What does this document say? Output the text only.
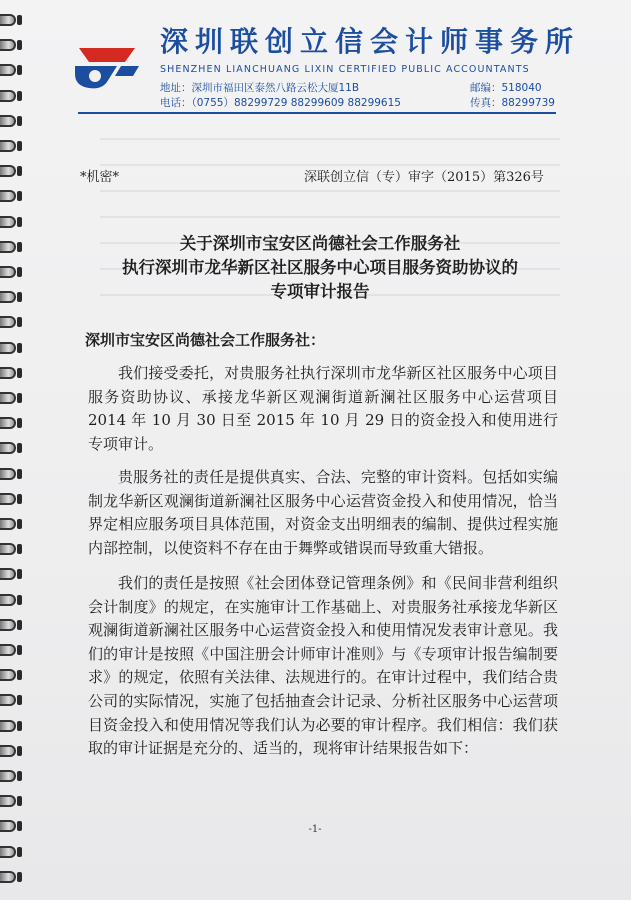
深圳联创立信会计师事务所
SHENZHEN LIANCHUANG LIXIN CERTIFIED PUBLIC ACCOUNTANTS
地址：深圳市福田区泰然八路云松大厦11B	邮编：518040
电话：（0755）88299729 88299609 88299615	传真：88299739
*机密*	深联创立信（专）审字（2015）第326号
关于深圳市宝安区尚德社会工作服务社
执行深圳市龙华新区社区服务中心项目服务资助协议的
专项审计报告
深圳市宝安区尚德社会工作服务社：

我们接受委托，对贵服务社执行深圳市龙华新区社区服务中心项目服务资助协议、承接龙华新区观澜街道新澜社区服务中心运营项目 2014 年 10 月 30 日至 2015 年 10 月 29 日的资金投入和使用进行专项审计。

贵服务社的责任是提供真实、合法、完整的审计资料。包括如实编制龙华新区观澜街道新澜社区服务中心运营资金投入和使用情况，恰当界定相应服务项目具体范围，对资金支出明细表的编制、提供过程实施内部控制，以使资料不存在由于舞弊或错误而导致重大错报。

我们的责任是按照《社会团体登记管理条例》和《民间非营利组织会计制度》的规定，在实施审计工作基础上、对贵服务社承接龙华新区观澜街道新澜社区服务中心运营资金投入和使用情况发表审计意见。我们的审计是按照《中国注册会计师审计准则》与《专项审计报告编制要求》的规定，依照有关法律、法规进行的。在审计过程中，我们结合贵公司的实际情况，实施了包括抽查会计记录、分析社区服务中心运营项目资金投入和使用情况等我们认为必要的审计程序。我们相信：我们获取的审计证据是充分的、适当的，现将审计结果报告如下：

-1-
